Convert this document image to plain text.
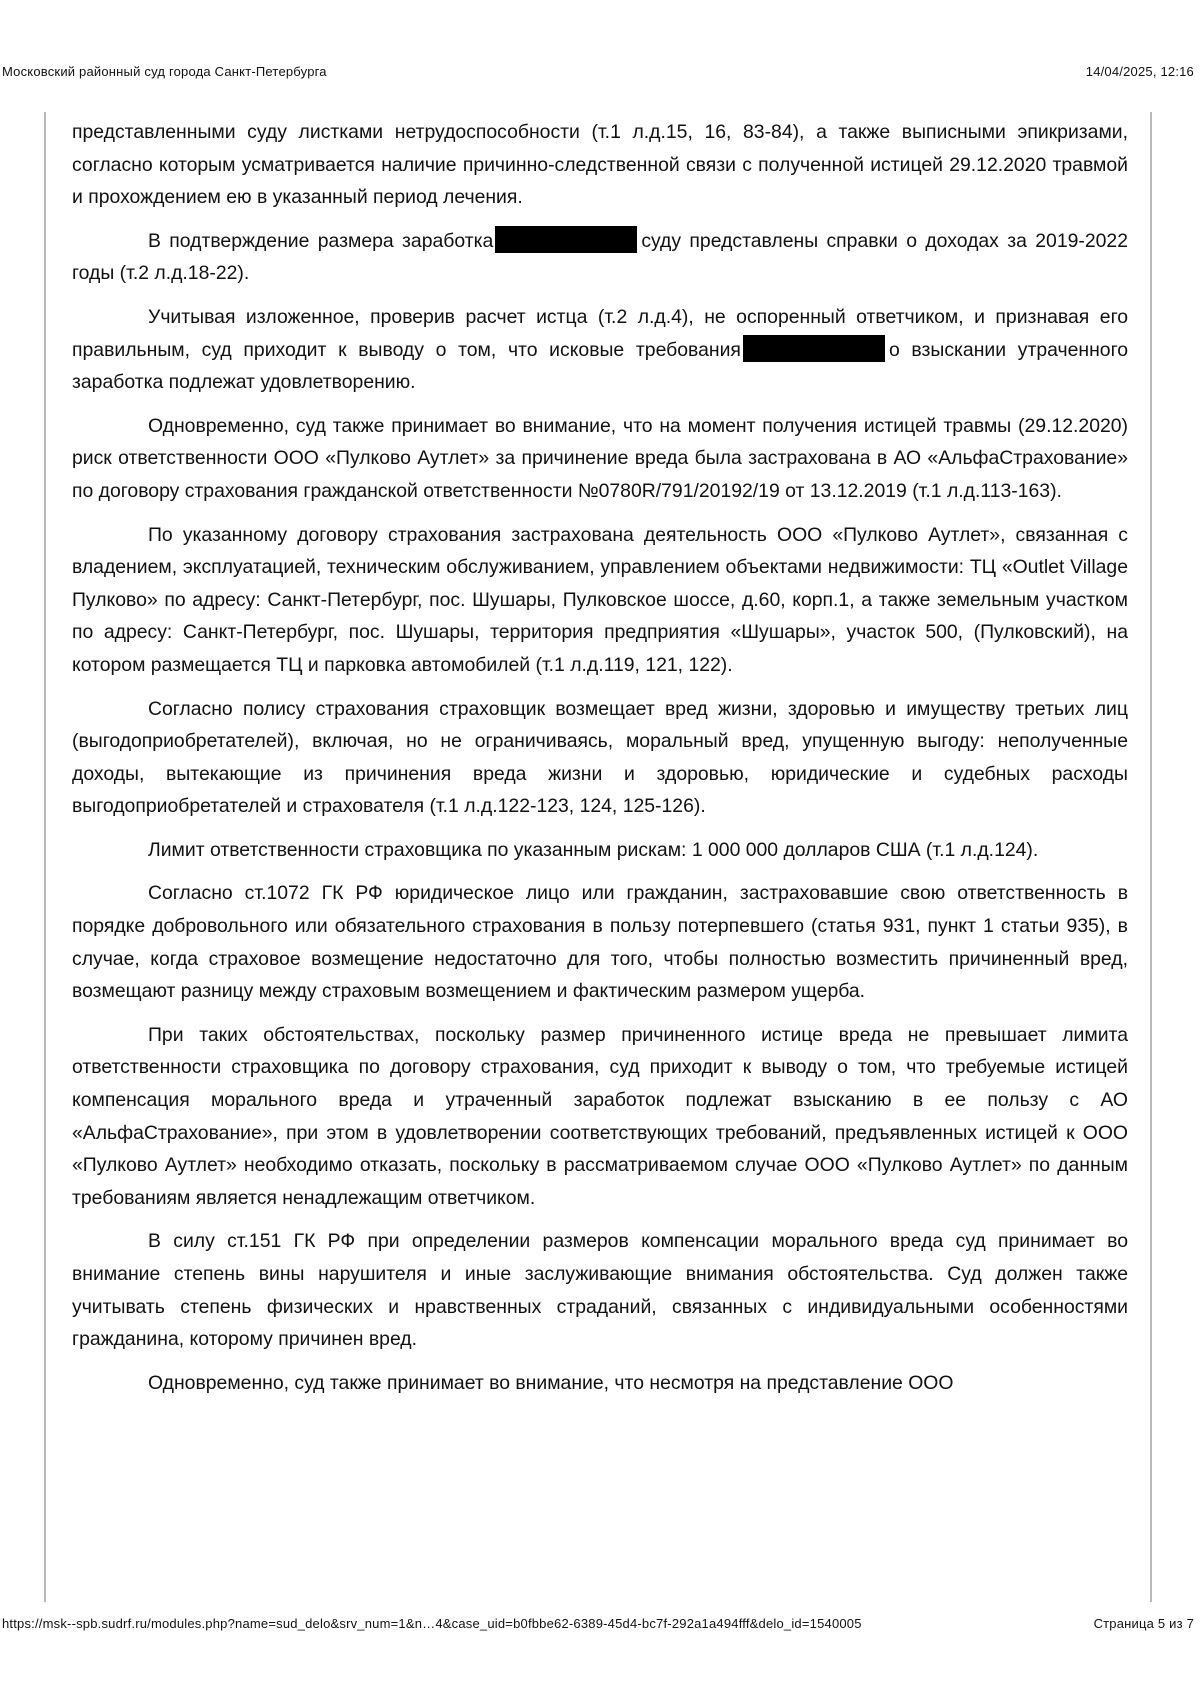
Московский районный суд города Санкт-Петербурга	14/04/2025, 12:16

представленными суду листками нетрудоспособности (т.1 л.д.15, 16, 83-84), а также выписными эпикризами, согласно которым усматривается наличие причинно-следственной связи с полученной истицей 29.12.2020 травмой и прохождением ею в указанный период лечения.

В подтверждение размера заработка	суду представлены справки о доходах за 2019-2022 годы (т.2 л.д.18-22).

Учитывая изложенное, проверив расчет истца (т.2 л.д.4), не оспоренный ответчиком, и признавая его правильным, суд приходит к выводу о том, что исковые требования	о взыскании утраченного заработка подлежат удовлетворению.

Одновременно, суд также принимает во внимание, что на момент получения истицей травмы (29.12.2020) риск ответственности ООО «Пулково Аутлет» за причинение вреда была застрахована в АО «АльфаСтрахование» по договору страхования гражданской ответственности №0780R/791/20192/19 от 13.12.2019 (т.1 л.д.113-163).

По указанному договору страхования застрахована деятельность ООО «Пулково Аутлет», связанная с владением, эксплуатацией, техническим обслуживанием, управлением объектами недвижимости: ТЦ «Outlet Village Пулково» по адресу: Санкт-Петербург, пос. Шушары, Пулковское шоссе, д.60, корп.1, а также земельным участком по адресу: Санкт-Петербург, пос. Шушары, территория предприятия «Шушары», участок 500, (Пулковский), на котором размещается ТЦ и парковка автомобилей (т.1 л.д.119, 121, 122).

Согласно полису страхования страховщик возмещает вред жизни, здоровью и имуществу третьих лиц (выгодоприобретателей), включая, но не ограничиваясь, моральный вред, упущенную выгоду: неполученные доходы, вытекающие из причинения вреда жизни и здоровью, юридические и судебных расходы выгодоприобретателей и страхователя (т.1 л.д.122-123, 124, 125-126).

Лимит ответственности страховщика по указанным рискам: 1 000 000 долларов США (т.1 л.д.124).

Согласно ст.1072 ГК РФ юридическое лицо или гражданин, застраховавшие свою ответственность в порядке добровольного или обязательного страхования в пользу потерпевшего (статья 931, пункт 1 статьи 935), в случае, когда страховое возмещение недостаточно для того, чтобы полностью возместить причиненный вред, возмещают разницу между страховым возмещением и фактическим размером ущерба.

При таких обстоятельствах, поскольку размер причиненного истице вреда не превышает лимита ответственности страховщика по договору страхования, суд приходит к выводу о том, что требуемые истицей компенсация морального вреда и утраченный заработок подлежат взысканию в ее пользу с АО «АльфаСтрахование», при этом в удовлетворении соответствующих требований, предъявленных истицей к ООО «Пулково Аутлет» необходимо отказать, поскольку в рассматриваемом случае ООО «Пулково Аутлет» по данным требованиям является ненадлежащим ответчиком.

В силу ст.151 ГК РФ при определении размеров компенсации морального вреда суд принимает во внимание степень вины нарушителя и иные заслуживающие внимания обстоятельства. Суд должен также учитывать степень физических и нравственных страданий, связанных с индивидуальными особенностями гражданина, которому причинен вред.

Одновременно, суд также принимает во внимание, что несмотря на представление ООО

https://msk--spb.sudrf.ru/modules.php?name=sud_delo&srv_num=1&n…4&case_uid=b0fbbe62-6389-45d4-bc7f-292a1a494fff&delo_id=1540005	Страница 5 из 7
